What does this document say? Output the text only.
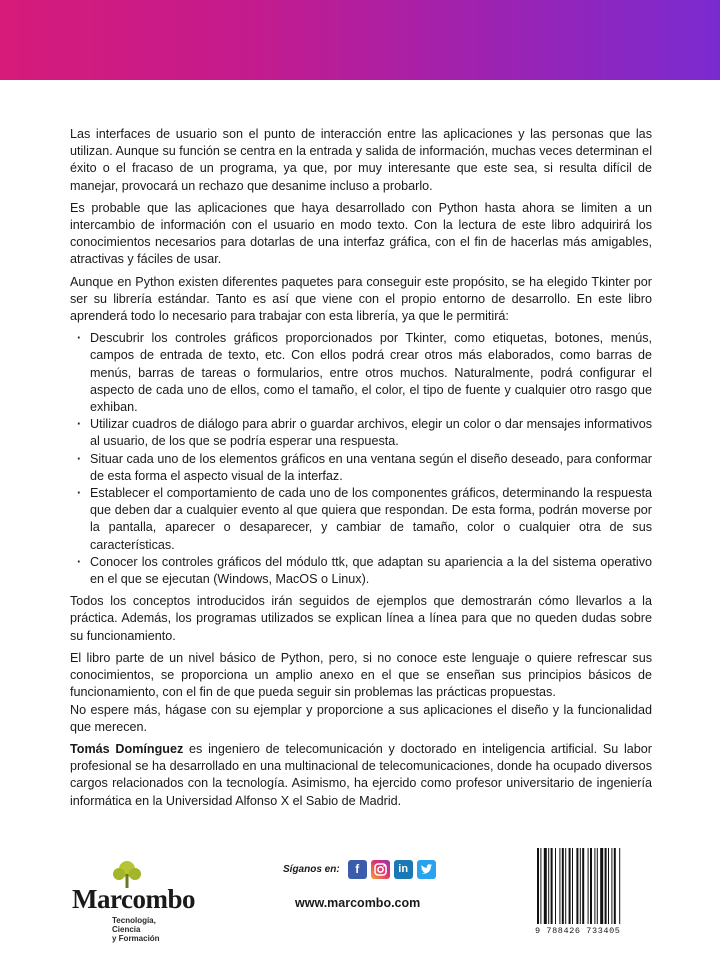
Las interfaces de usuario son el punto de interacción entre las aplicaciones y las personas que las utilizan. Aunque su función se centra en la entrada y salida de información, muchas veces determinan el éxito o el fracaso de un programa, ya que, por muy interesante que este sea, si resulta difícil de manejar, provocará un rechazo que desanime incluso a probarlo.

Es probable que las aplicaciones que haya desarrollado con Python hasta ahora se limiten a un intercambio de información con el usuario en modo texto. Con la lectura de este libro adquirirá los conocimientos necesarios para dotarlas de una interfaz gráfica, con el fin de hacerlas más amigables, atractivas y fáciles de usar.

Aunque en Python existen diferentes paquetes para conseguir este propósito, se ha elegido Tkinter por ser su librería estándar. Tanto es así que viene con el propio entorno de desarrollo. En este libro aprenderá todo lo necesario para trabajar con esta librería, ya que le permitirá:

· Descubrir los controles gráficos proporcionados por Tkinter, como etiquetas, botones, menús, campos de entrada de texto, etc. Con ellos podrá crear otros más elaborados, como barras de menús, barras de tareas o formularios, entre otros muchos. Naturalmente, podrá configurar el aspecto de cada uno de ellos, como el tamaño, el color, el tipo de fuente y cualquier otro rasgo que exhiban.
· Utilizar cuadros de diálogo para abrir o guardar archivos, elegir un color o dar mensajes informativos al usuario, de los que se podría esperar una respuesta.
· Situar cada uno de los elementos gráficos en una ventana según el diseño deseado, para conformar de esta forma el aspecto visual de la interfaz.
· Establecer el comportamiento de cada uno de los componentes gráficos, determinando la respuesta que deben dar a cualquier evento al que quiera que respondan. De esta forma, podrán moverse por la pantalla, aparecer o desaparecer, y cambiar de tamaño, color o cualquier otra de sus características.
· Conocer los controles gráficos del módulo ttk, que adaptan su apariencia a la del sistema operativo en el que se ejecutan (Windows, MacOS o Linux).

Todos los conceptos introducidos irán seguidos de ejemplos que demostrarán cómo llevarlos a la práctica. Además, los programas utilizados se explican línea a línea para que no queden dudas sobre su funcionamiento.

El libro parte de un nivel básico de Python, pero, si no conoce este lenguaje o quiere refrescar sus conocimientos, se proporciona un amplio anexo en el que se enseñan sus principios básicos de funcionamiento, con el fin de que pueda seguir sin problemas las prácticas propuestas.

No espere más, hágase con su ejemplar y proporcione a sus aplicaciones el diseño y la funcionalidad que merecen.

Tomás Domínguez es ingeniero de telecomunicación y doctorado en inteligencia artificial. Su labor profesional se ha desarrollado en una multinacional de telecomunicaciones, donde ha ocupado diversos cargos relacionados con la tecnología. Asimismo, ha ejercido como profesor universitario de ingeniería informática en la Universidad Alfonso X el Sabio de Madrid.

Marcombo
Tecnología,
Ciencia
y Formación
Síganos en:	f	in
www.marcombo.com
9 788426 733405
